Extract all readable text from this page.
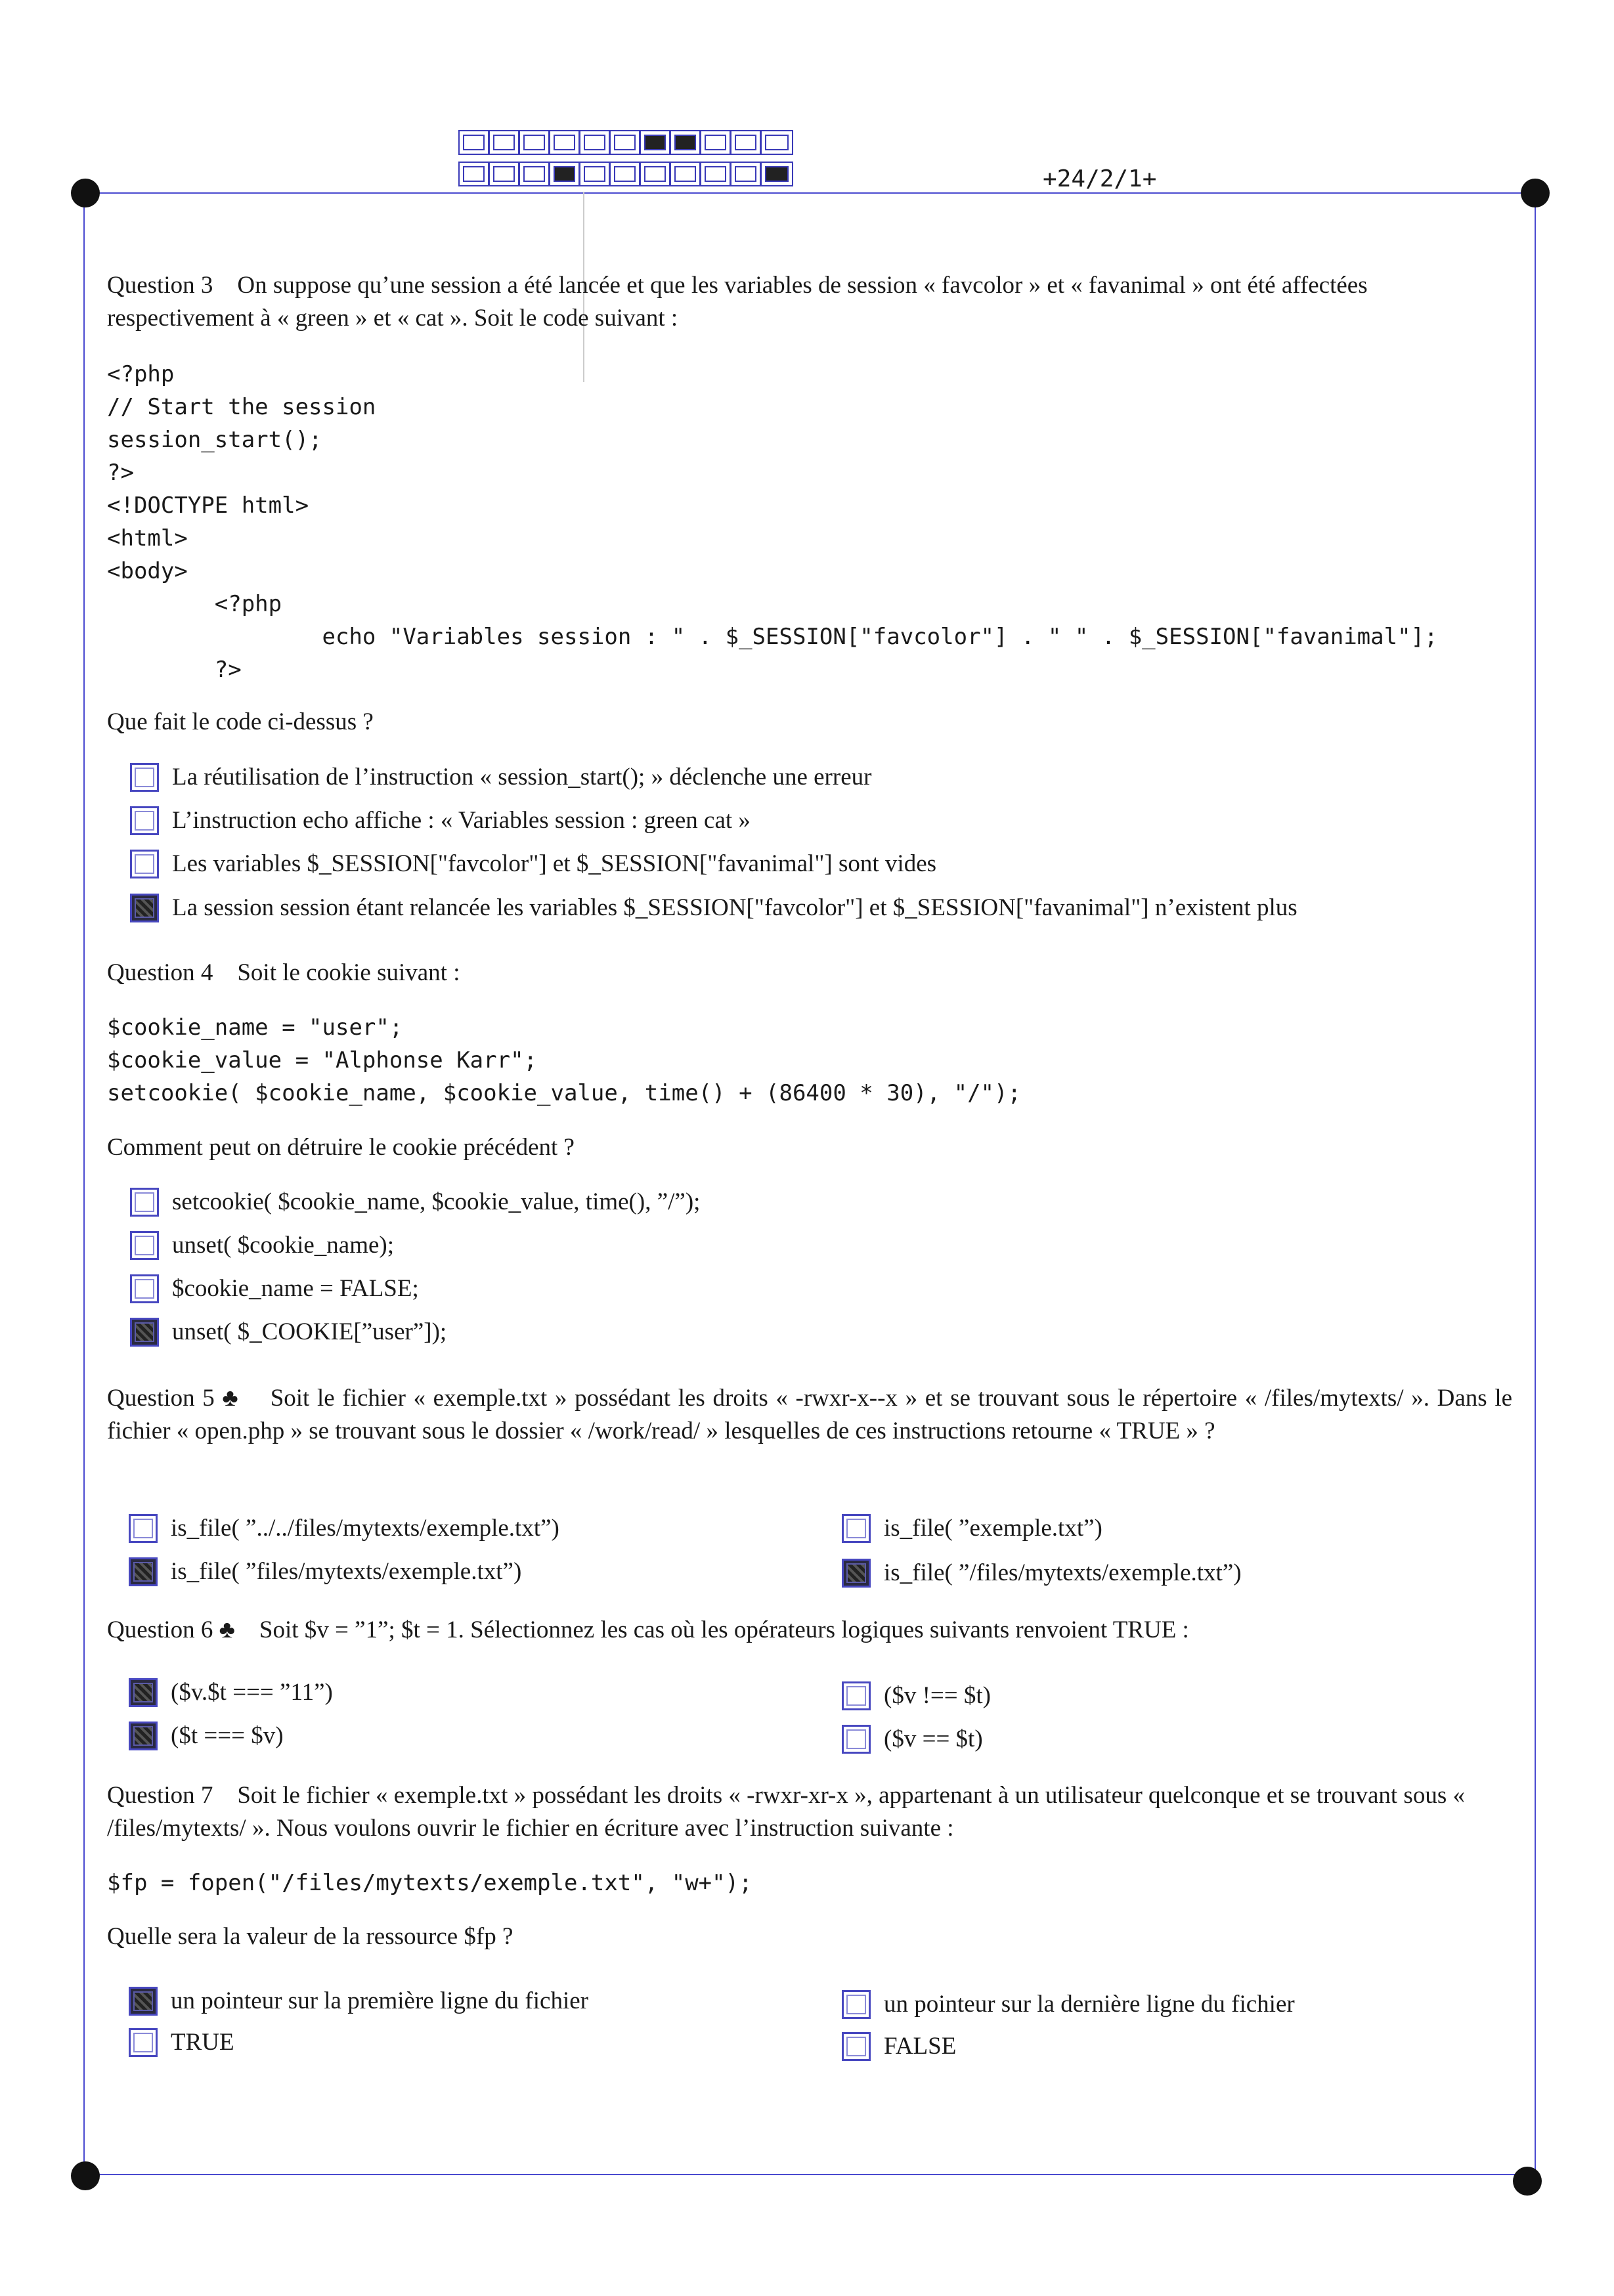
+24/2/1+
Question 3 On suppose qu’une session a été lancée et que les variables de session « favcolor » et « favanimal » ont été affectées respectivement à « green » et « cat ». Soit le code suivant :
<?php
// Start the session
session_start();
?>
<!DOCTYPE html>
<html>
<body>
<?php
echo "Variables session : " . $_SESSION["favcolor"] . " " . $_SESSION["favanimal"];
?>
Que fait le code ci-dessus ?
La réutilisation de l’instruction « session_start(); » déclenche une erreur
L’instruction echo affiche : « Variables session : green cat »
Les variables $_SESSION["favcolor"] et $_SESSION["favanimal"] sont vides
La session session étant relancée les variables $_SESSION["favcolor"] et $_SESSION["favanimal"] n’existent plus
Question 4 Soit le cookie suivant :
$cookie_name = "user";
$cookie_value = "Alphonse Karr";
setcookie( $cookie_name, $cookie_value, time() + (86400 * 30), "/");
Comment peut on détruire le cookie précédent ?
setcookie( $cookie_name, $cookie_value, time(), ”/”);
unset( $cookie_name);
$cookie_name = FALSE;
unset( $_COOKIE[”user”]);
Question 5 ♣ Soit le fichier « exemple.txt » possédant les droits « -rwxr-x--x » et se trouvant sous le répertoire « /files/mytexts/ ». Dans le fichier « open.php » se trouvant sous le dossier « /work/read/ » lesquelles de ces instructions retourne « TRUE » ?
is_file( ”../../files/mytexts/exemple.txt”)	is_file( ”exemple.txt”)
is_file( ”files/mytexts/exemple.txt”)	is_file( ”/files/mytexts/exemple.txt”)
Question 6 ♣ Soit $v = ”1”; $t = 1. Sélectionnez les cas où les opérateurs logiques suivants renvoient TRUE :
($v.$t === ”11”)	($v !== $t)
($t === $v)	($v == $t)
Question 7 Soit le fichier « exemple.txt » possédant les droits « -rwxr-xr-x », appartenant à un utilisateur quelconque et se trouvant sous « /files/mytexts/ ». Nous voulons ouvrir le fichier en écriture avec l’instruction suivante :
$fp = fopen("/files/mytexts/exemple.txt", "w+");
Quelle sera la valeur de la ressource $fp ?
un pointeur sur la première ligne du fichier	un pointeur sur la dernière ligne du fichier
TRUE	FALSE
